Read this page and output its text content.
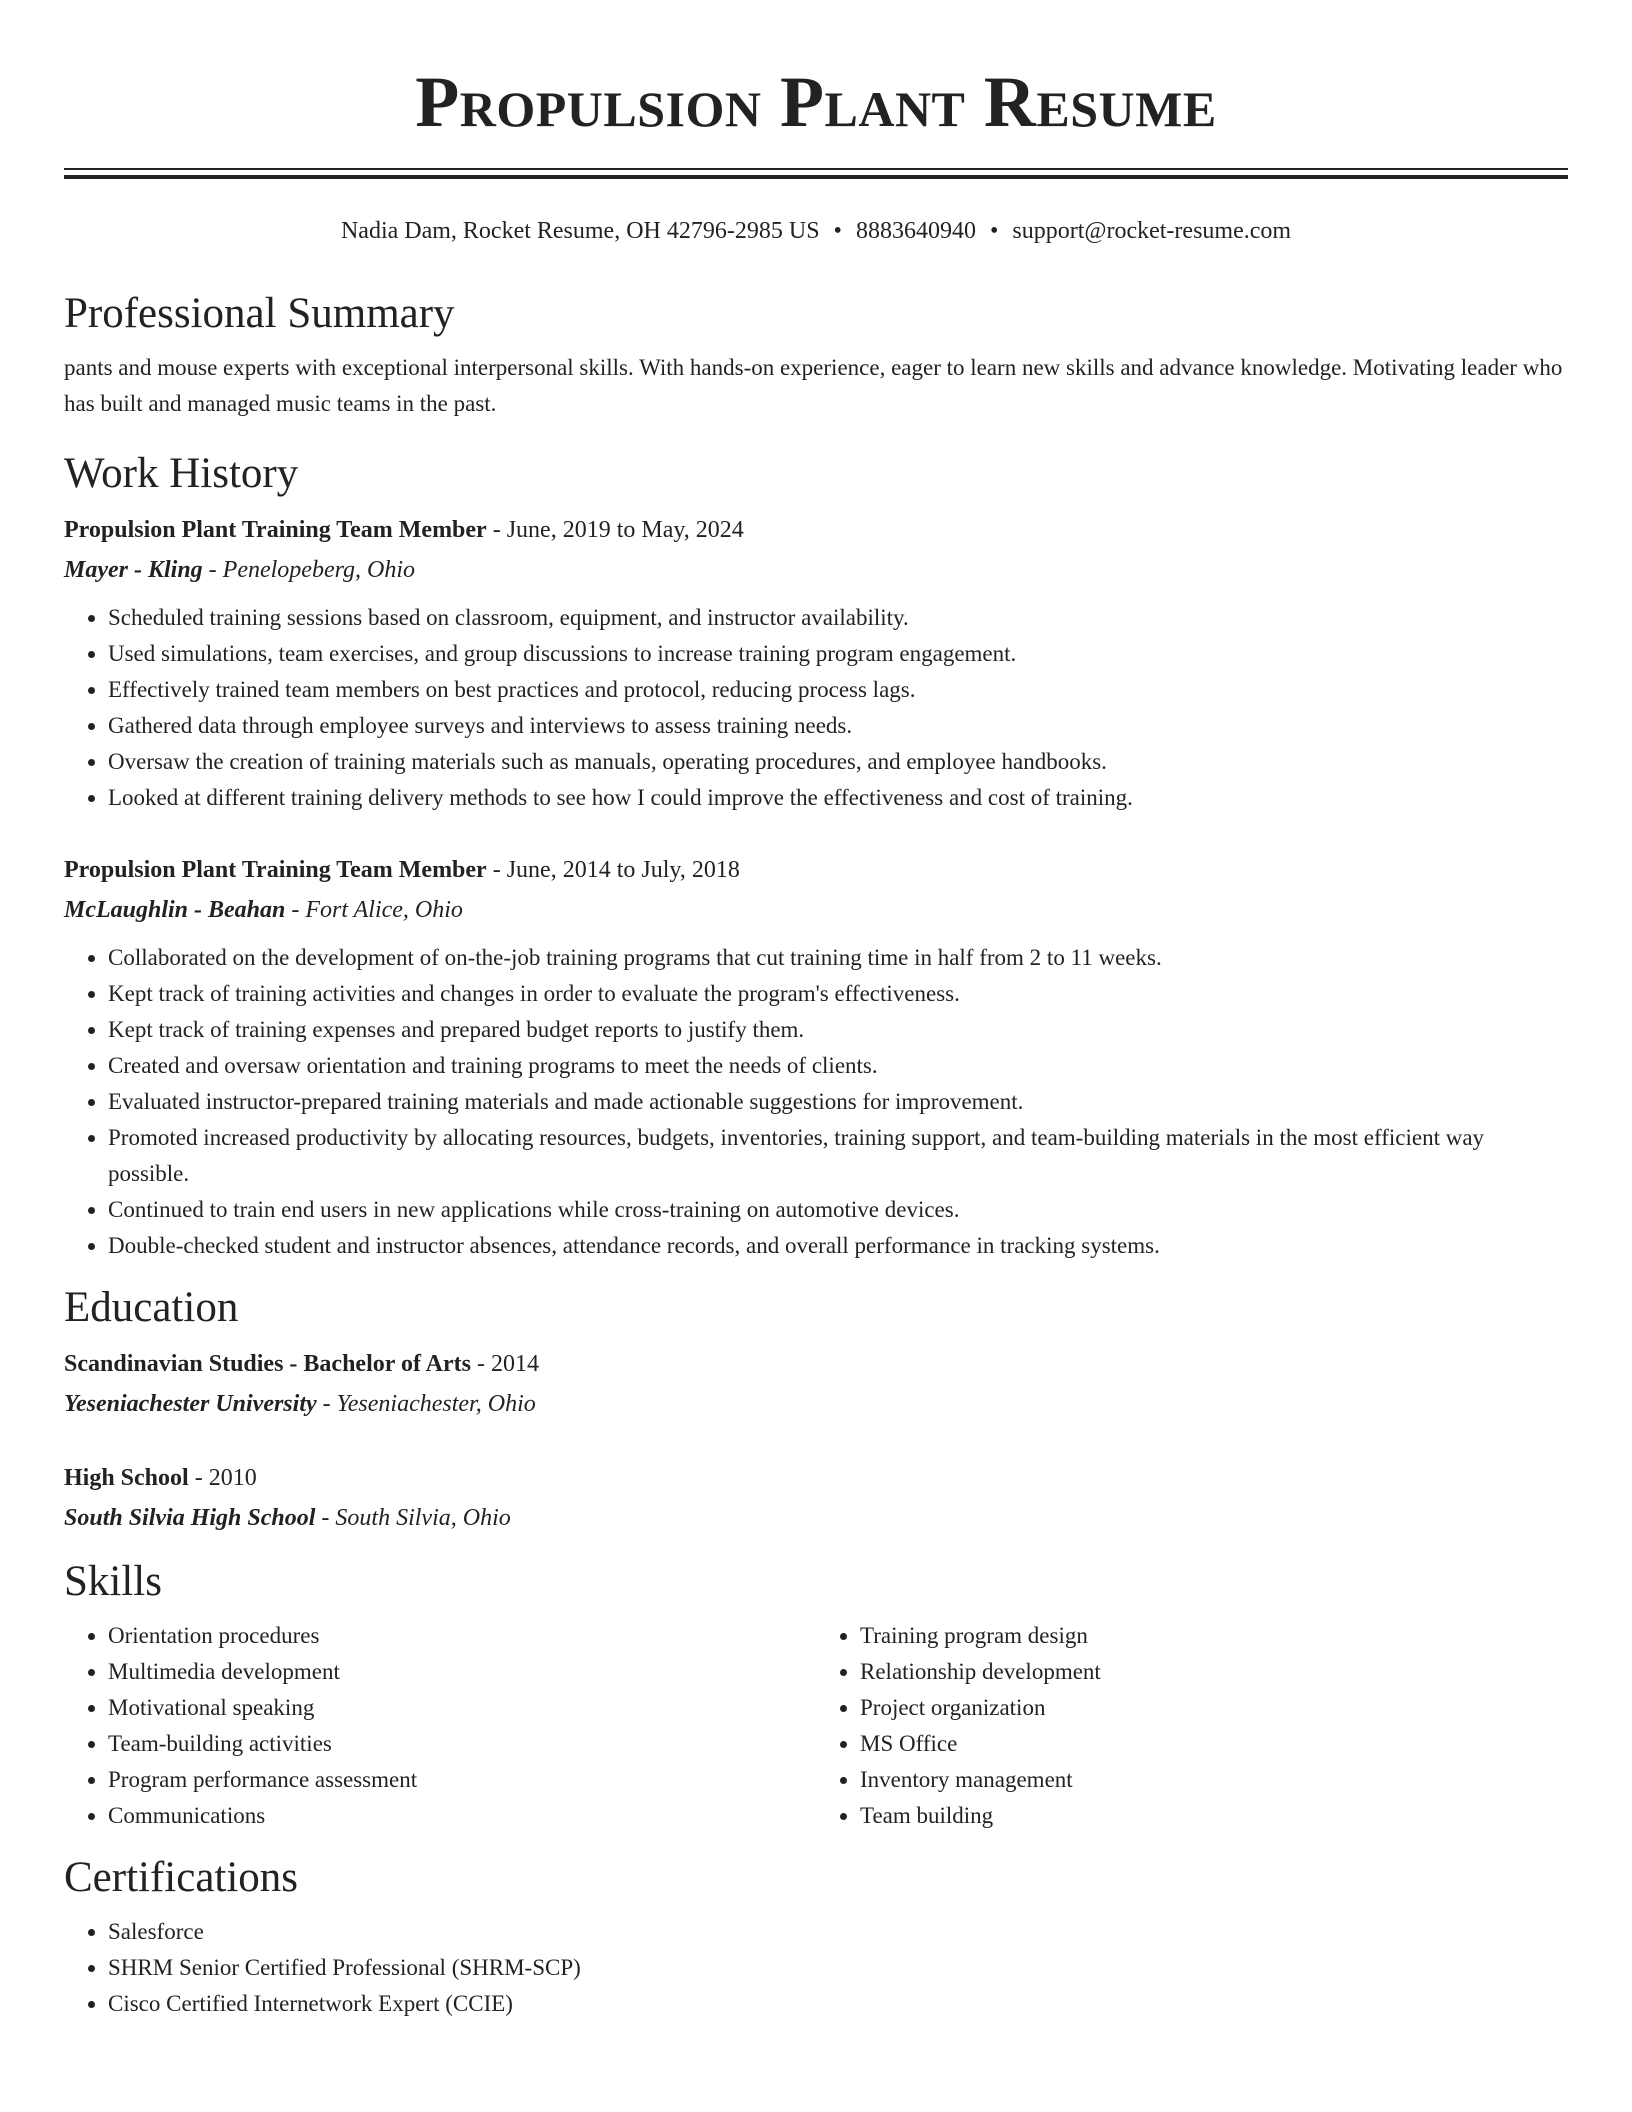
Propulsion Plant Resume
Nadia Dam, Rocket Resume, OH 42796-2985 US • 8883640940 • support@rocket-resume.com
Professional Summary

pants and mouse experts with exceptional interpersonal skills. With hands-on experience, eager to learn new skills and advance knowledge. Motivating leader who has built and managed music teams in the past.

Work History
Propulsion Plant Training Team Member - June, 2019 to May, 2024
Mayer - Kling - Penelopeberg, Ohio
• Scheduled training sessions based on classroom, equipment, and instructor availability.
• Used simulations, team exercises, and group discussions to increase training program engagement.
• Effectively trained team members on best practices and protocol, reducing process lags.
• Gathered data through employee surveys and interviews to assess training needs.
• Oversaw the creation of training materials such as manuals, operating procedures, and employee handbooks.
• Looked at different training delivery methods to see how I could improve the effectiveness and cost of training.
Propulsion Plant Training Team Member - June, 2014 to July, 2018
McLaughlin - Beahan - Fort Alice, Ohio
• Collaborated on the development of on-the-job training programs that cut training time in half from 2 to 11 weeks.
• Kept track of training activities and changes in order to evaluate the program's effectiveness.
• Kept track of training expenses and prepared budget reports to justify them.
• Created and oversaw orientation and training programs to meet the needs of clients.
• Evaluated instructor-prepared training materials and made actionable suggestions for improvement.
• Promoted increased productivity by allocating resources, budgets, inventories, training support, and team-building materials in the most efficient way possible.
• Continued to train end users in new applications while cross-training on automotive devices.
• Double-checked student and instructor absences, attendance records, and overall performance in tracking systems.
Education
Scandinavian Studies - Bachelor of Arts - 2014
Yeseniachester University - Yeseniachester, Ohio
High School - 2010
South Silvia High School - South Silvia, Ohio
Skills
• Orientation procedures
• Multimedia development
• Motivational speaking
• Team-building activities
• Program performance assessment
• Communications
• Training program design
• Relationship development
• Project organization
• MS Office
• Inventory management
• Team building
Certifications
• Salesforce
• SHRM Senior Certified Professional (SHRM-SCP)
• Cisco Certified Internetwork Expert (CCIE)
